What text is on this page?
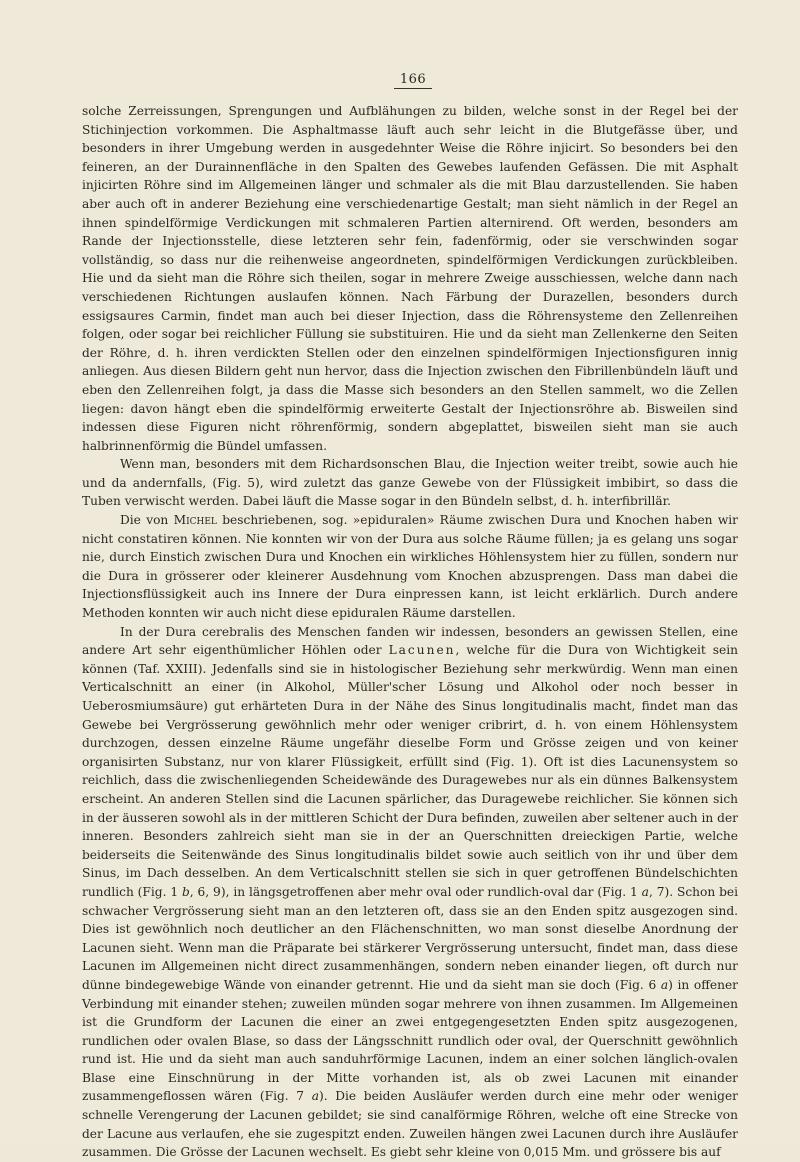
166

solche Zerreissungen, Sprengungen und Aufblähungen zu bilden, welche sonst in der Regel bei der Stichinjection vorkommen. Die Asphaltmasse läuft auch sehr leicht in die Blutgefässe über, und besonders in ihrer Umgebung werden in ausgedehnter Weise die Röhre injicirt. So besonders bei den feineren, an der Durainnenfläche in den Spalten des Gewebes laufenden Gefässen. Die mit Asphalt injicirten Röhre sind im Allgemeinen länger und schmaler als die mit Blau darzustellenden. Sie haben aber auch oft in anderer Beziehung eine verschiedenartige Gestalt; man sieht nämlich in der Regel an ihnen spindelförmige Verdickungen mit schmaleren Partien alternirend. Oft werden, besonders am Rande der Injectionsstelle, diese letzteren sehr fein, fadenförmig, oder sie verschwinden sogar vollständig, so dass nur die reihenweise angeordneten, spindelförmigen Verdickungen zurückbleiben. Hie und da sieht man die Röhre sich theilen, sogar in mehrere Zweige ausschiessen, welche dann nach verschiedenen Richtungen auslaufen können. Nach Färbung der Durazellen, besonders durch essigsaures Carmin, findet man auch bei dieser Injection, dass die Röhrensysteme den Zellenreihen folgen, oder sogar bei reichlicher Füllung sie substituiren. Hie und da sieht man Zellenkerne den Seiten der Röhre, d. h. ihren verdickten Stellen oder den einzelnen spindelförmigen Injectionsfiguren innig anliegen. Aus diesen Bildern geht nun hervor, dass die Injection zwischen den Fibrillenbündeln läuft und eben den Zellenreihen folgt, ja dass die Masse sich besonders an den Stellen sammelt, wo die Zellen liegen: davon hängt eben die spindelförmig erweiterte Gestalt der Injectionsröhre ab. Bisweilen sind indessen diese Figuren nicht röhrenförmig, sondern abgeplattet, bisweilen sieht man sie auch halbrinnenförmig die Bündel umfassen.

Wenn man, besonders mit dem Richardsonschen Blau, die Injection weiter treibt, sowie auch hie und da andernfalls, (Fig. 5), wird zuletzt das ganze Gewebe von der Flüssigkeit imbibirt, so dass die Tuben verwischt werden. Dabei läuft die Masse sogar in den Bündeln selbst, d. h. interfibrillär.

Die von Michel beschriebenen, sog. »epiduralen» Räume zwischen Dura und Knochen haben wir nicht constatiren können. Nie konnten wir von der Dura aus solche Räume füllen; ja es gelang uns sogar nie, durch Einstich zwischen Dura und Knochen ein wirkliches Höhlensystem hier zu füllen, sondern nur die Dura in grösserer oder kleinerer Ausdehnung vom Knochen abzusprengen. Dass man dabei die Injectionsflüssigkeit auch ins Innere der Dura einpressen kann, ist leicht erklärlich. Durch andere Methoden konnten wir auch nicht diese epiduralen Räume darstellen.

In der Dura cerebralis des Menschen fanden wir indessen, besonders an gewissen Stellen, eine andere Art sehr eigenthümlicher Höhlen oder Lacunen, welche für die Dura von Wichtigkeit sein können (Taf. XXIII). Jedenfalls sind sie in histologischer Beziehung sehr merkwürdig. Wenn man einen Verticalschnitt an einer (in Alkohol, Müller'scher Lösung und Alkohol oder noch besser in Ueberosmiumsäure) gut erhärteten Dura in der Nähe des Sinus longitudinalis macht, findet man das Gewebe bei Vergrösserung gewöhnlich mehr oder weniger cribrirt, d. h. von einem Höhlensystem durchzogen, dessen einzelne Räume ungefähr dieselbe Form und Grösse zeigen und von keiner organisirten Substanz, nur von klarer Flüssigkeit, erfüllt sind (Fig. 1). Oft ist dies Lacunensystem so reichlich, dass die zwischenliegenden Scheidewände des Duragewebes nur als ein dünnes Balkensystem erscheint. An anderen Stellen sind die Lacunen spärlicher, das Duragewebe reichlicher. Sie können sich in der äusseren sowohl als in der mittleren Schicht der Dura befinden, zuweilen aber seltener auch in der inneren. Besonders zahlreich sieht man sie in der an Querschnitten dreieckigen Partie, welche beiderseits die Seitenwände des Sinus longitudinalis bildet sowie auch seitlich von ihr und über dem Sinus, im Dach desselben. An dem Verticalschnitt stellen sie sich in quer getroffenen Bündelschichten rundlich (Fig. 1 b, 6, 9), in längsgetroffenen aber mehr oval oder rundlich-oval dar (Fig. 1 a, 7). Schon bei schwacher Vergrösserung sieht man an den letzteren oft, dass sie an den Enden spitz ausgezogen sind. Dies ist gewöhnlich noch deutlicher an den Flächenschnitten, wo man sonst dieselbe Anordnung der Lacunen sieht. Wenn man die Präparate bei stärkerer Vergrösserung untersucht, findet man, dass diese Lacunen im Allgemeinen nicht direct zusammenhängen, sondern neben einander liegen, oft durch nur dünne bindegewebige Wände von einander getrennt. Hie und da sieht man sie doch (Fig. 6 a) in offener Verbindung mit einander stehen; zuweilen münden sogar mehrere von ihnen zusammen. Im Allgemeinen ist die Grundform der Lacunen die einer an zwei entgegengesetzten Enden spitz ausgezogenen, rundlichen oder ovalen Blase, so dass der Längsschnitt rundlich oder oval, der Querschnitt gewöhnlich rund ist. Hie und da sieht man auch sanduhrförmige Lacunen, indem an einer solchen länglich-ovalen Blase eine Einschnürung in der Mitte vorhanden ist, als ob zwei Lacunen mit einander zusammengeflossen wären (Fig. 7 a). Die beiden Ausläufer werden durch eine mehr oder weniger schnelle Verengerung der Lacunen gebildet; sie sind canalförmige Röhren, welche oft eine Strecke von der Lacune aus verlaufen, ehe sie zugespitzt enden. Zuweilen hängen zwei Lacunen durch ihre Ausläufer zusammen. Die Grösse der Lacunen wechselt. Es giebt sehr kleine von 0,015 Mm. und grössere bis auf
